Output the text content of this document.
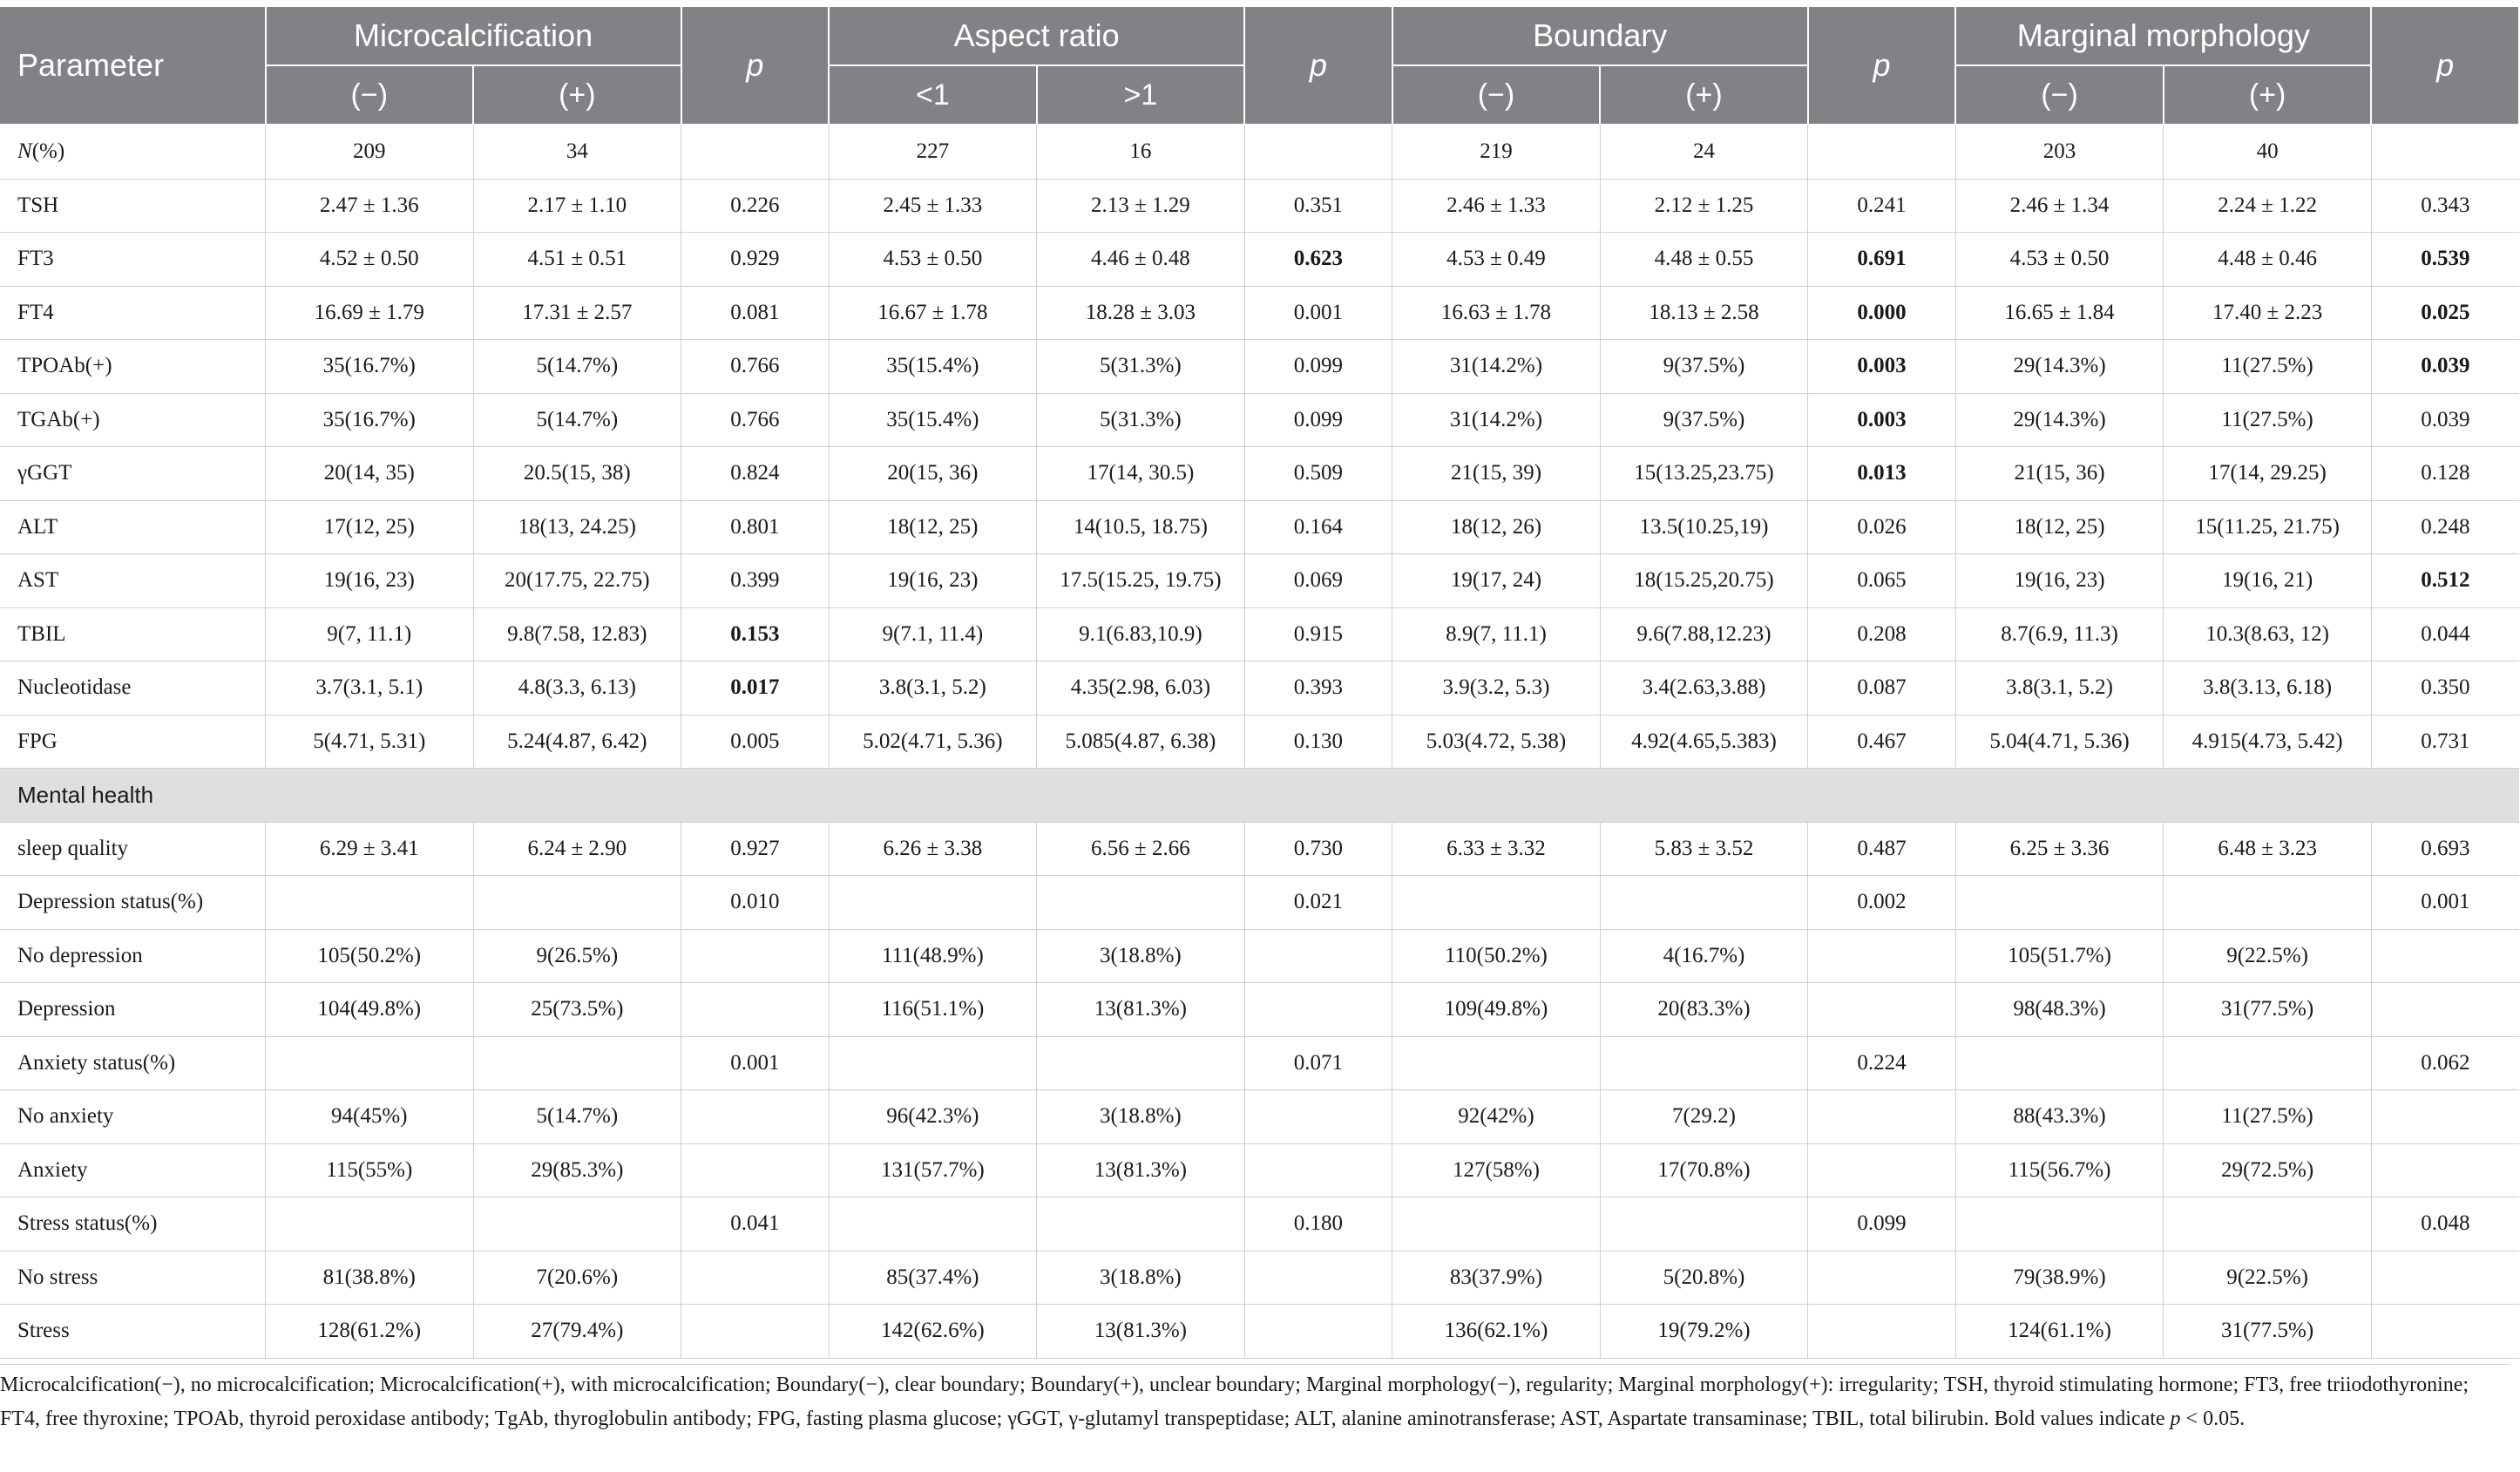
Parameter	Microcalcification		p	Aspect ratio		p	Boundary		p	Marginal morphology		p
	(−)	(+)		<1	>1		(−)	(+)		(−)	(+)	
N(%)	209	34		227	16		219	24		203	40	
TSH	2.47 ± 1.36	2.17 ± 1.10	0.226	2.45 ± 1.33	2.13 ± 1.29	0.351	2.46 ± 1.33	2.12 ± 1.25	0.241	2.46 ± 1.34	2.24 ± 1.22	0.343
FT3	4.52 ± 0.50	4.51 ± 0.51	0.929	4.53 ± 0.50	4.46 ± 0.48	0.623	4.53 ± 0.49	4.48 ± 0.55	0.691	4.53 ± 0.50	4.48 ± 0.46	0.539
FT4	16.69 ± 1.79	17.31 ± 2.57	0.081	16.67 ± 1.78	18.28 ± 3.03	0.001	16.63 ± 1.78	18.13 ± 2.58	0.000	16.65 ± 1.84	17.40 ± 2.23	0.025
TPOAb(+)	35(16.7%)	5(14.7%)	0.766	35(15.4%)	5(31.3%)	0.099	31(14.2%)	9(37.5%)	0.003	29(14.3%)	11(27.5%)	0.039
TGAb(+)	35(16.7%)	5(14.7%)	0.766	35(15.4%)	5(31.3%)	0.099	31(14.2%)	9(37.5%)	0.003	29(14.3%)	11(27.5%)	0.039
γGGT	20(14, 35)	20.5(15, 38)	0.824	20(15, 36)	17(14, 30.5)	0.509	21(15, 39)	15(13.25,23.75)	0.013	21(15, 36)	17(14, 29.25)	0.128
ALT	17(12, 25)	18(13, 24.25)	0.801	18(12, 25)	14(10.5, 18.75)	0.164	18(12, 26)	13.5(10.25,19)	0.026	18(12, 25)	15(11.25, 21.75)	0.248
AST	19(16, 23)	20(17.75, 22.75)	0.399	19(16, 23)	17.5(15.25, 19.75)	0.069	19(17, 24)	18(15.25,20.75)	0.065	19(16, 23)	19(16, 21)	0.512
TBIL	9(7, 11.1)	9.8(7.58, 12.83)	0.153	9(7.1, 11.4)	9.1(6.83,10.9)	0.915	8.9(7, 11.1)	9.6(7.88,12.23)	0.208	8.7(6.9, 11.3)	10.3(8.63, 12)	0.044
Nucleotidase	3.7(3.1, 5.1)	4.8(3.3, 6.13)	0.017	3.8(3.1, 5.2)	4.35(2.98, 6.03)	0.393	3.9(3.2, 5.3)	3.4(2.63,3.88)	0.087	3.8(3.1, 5.2)	3.8(3.13, 6.18)	0.350
FPG	5(4.71, 5.31)	5.24(4.87, 6.42)	0.005	5.02(4.71, 5.36)	5.085(4.87, 6.38)	0.130	5.03(4.72, 5.38)	4.92(4.65,5.383)	0.467	5.04(4.71, 5.36)	4.915(4.73, 5.42)	0.731
Mental health												
sleep quality	6.29 ± 3.41	6.24 ± 2.90	0.927	6.26 ± 3.38	6.56 ± 2.66	0.730	6.33 ± 3.32	5.83 ± 3.52	0.487	6.25 ± 3.36	6.48 ± 3.23	0.693
Depression status(%)			0.010			0.021			0.002			0.001
No depression	105(50.2%)	9(26.5%)		111(48.9%)	3(18.8%)		110(50.2%)	4(16.7%)		105(51.7%)	9(22.5%)	
Depression	104(49.8%)	25(73.5%)		116(51.1%)	13(81.3%)		109(49.8%)	20(83.3%)		98(48.3%)	31(77.5%)	
Anxiety status(%)			0.001			0.071			0.224			0.062
No anxiety	94(45%)	5(14.7%)		96(42.3%)	3(18.8%)		92(42%)	7(29.2)		88(43.3%)	11(27.5%)	
Anxiety	115(55%)	29(85.3%)		131(57.7%)	13(81.3%)		127(58%)	17(70.8%)		115(56.7%)	29(72.5%)	
Stress status(%)			0.041			0.180			0.099			0.048
No stress	81(38.8%)	7(20.6%)		85(37.4%)	3(18.8%)		83(37.9%)	5(20.8%)		79(38.9%)	9(22.5%)	
Stress	128(61.2%)	27(79.4%)		142(62.6%)	13(81.3%)		136(62.1%)	19(79.2%)		124(61.1%)	31(77.5%)	
Microcalcification(−), no microcalcification; Microcalcification(+), with microcalcification; Boundary(−), clear boundary; Boundary(+), unclear boundary; Marginal morphology(−), regularity; Marginal morphology(+): irregularity; TSH, thyroid stimulating hormone; FT3, free triiodothyronine; FT4, free thyroxine; TPOAb, thyroid peroxidase antibody; TgAb, thyroglobulin antibody; FPG, fasting plasma glucose; γGGT, γ-glutamyl transpeptidase; ALT, alanine aminotransferase; AST, Aspartate transaminase; TBIL, total bilirubin. Bold values indicate p < 0.05.
